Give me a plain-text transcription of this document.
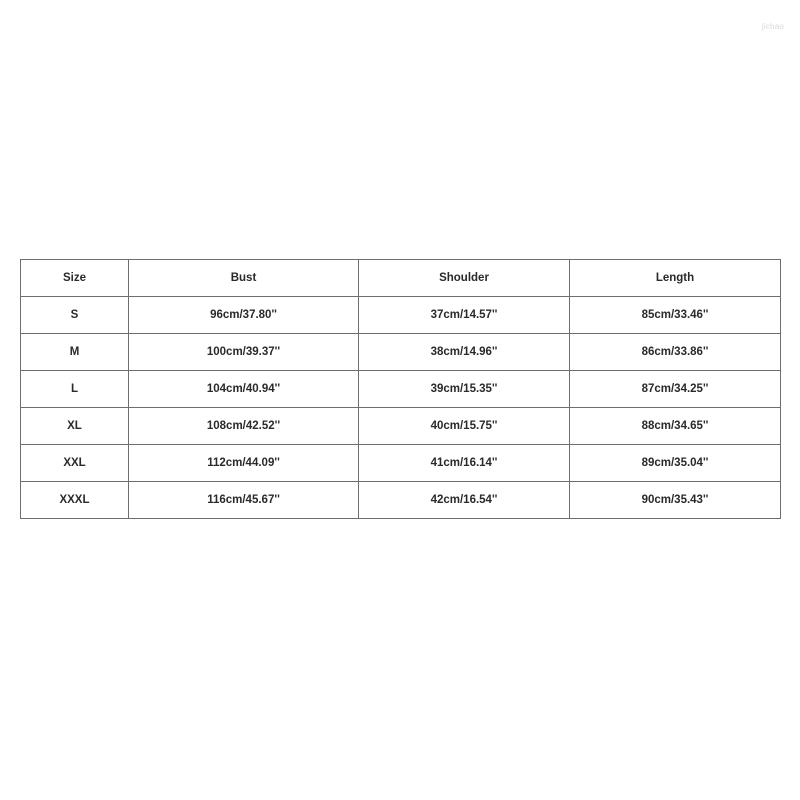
jichao
Size	Bust	Shoulder	Length
S	96cm/37.80''	37cm/14.57''	85cm/33.46''
M	100cm/39.37''	38cm/14.96''	86cm/33.86''
L	104cm/40.94''	39cm/15.35''	87cm/34.25''
XL	108cm/42.52''	40cm/15.75''	88cm/34.65''
XXL	112cm/44.09''	41cm/16.14''	89cm/35.04''
XXXL	116cm/45.67''	42cm/16.54''	90cm/35.43''
